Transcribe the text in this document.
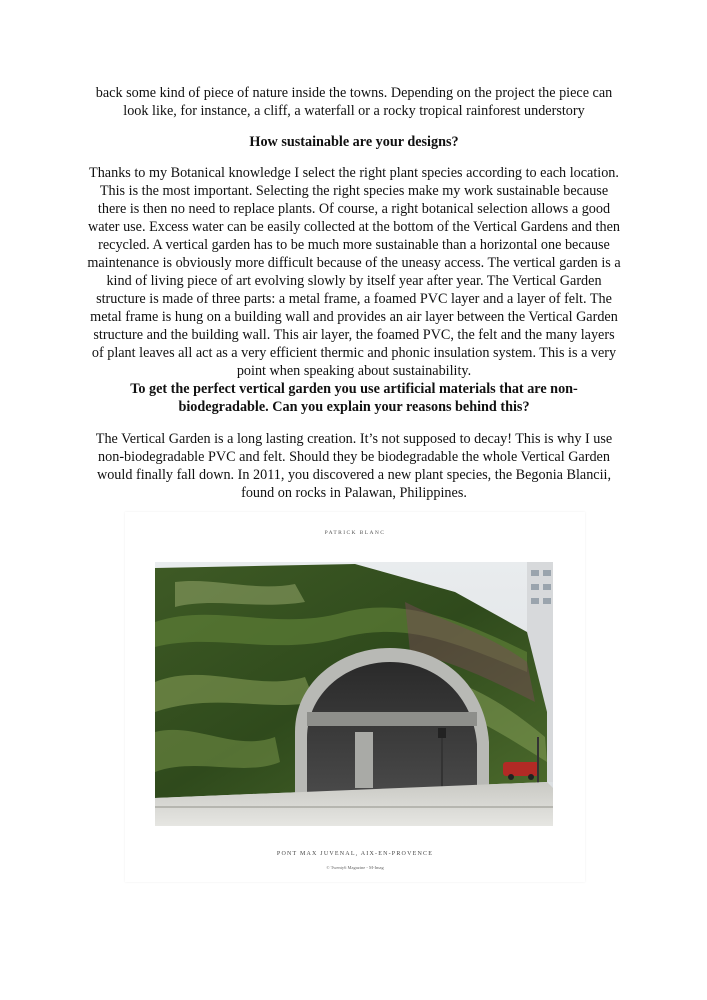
back some kind of piece of nature inside the towns. Depending on the project the piece can
look like, for instance, a cliff, a waterfall or a rocky tropical rainforest understory

How sustainable are your designs?

Thanks to my Botanical knowledge I select the right plant species according to each location.
This is the most important. Selecting the right species make my work sustainable because
there is then no need to replace plants. Of course, a right botanical selection allows a good
water use. Excess water can be easily collected at the bottom of the Vertical Gardens and then
recycled. A vertical garden has to be much more sustainable than a horizontal one because
maintenance is obviously more difficult because of the uneasy access. The vertical garden is a
kind of living piece of art evolving slowly by itself year after year. The Vertical Garden
structure is made of three parts: a metal frame, a foamed PVC layer and a layer of felt. The
metal frame is hung on a building wall and provides an air layer between the Vertical Garden
structure and the building wall. This air layer, the foamed PVC, the felt and the many layers
of plant leaves all act as a very efficient thermic and phonic insulation system. This is a very
point when speaking about sustainability.

To get the perfect vertical garden you use artificial materials that are non-
biodegradable. Can you explain your reasons behind this?

The Vertical Garden is a long lasting creation. It’s not supposed to decay! This is why I use
non-biodegradable PVC and felt. Should they be biodegradable the whole Vertical Garden
would finally fall down. In 2011, you discovered a new plant species, the Begonia Blancii,
found on rocks in Palawan, Philippines.

PATRICK BLANC
PONT MAX JUVENAL, AIX-EN-PROVENCE
© Twenty6 Magazine - M-Imag
